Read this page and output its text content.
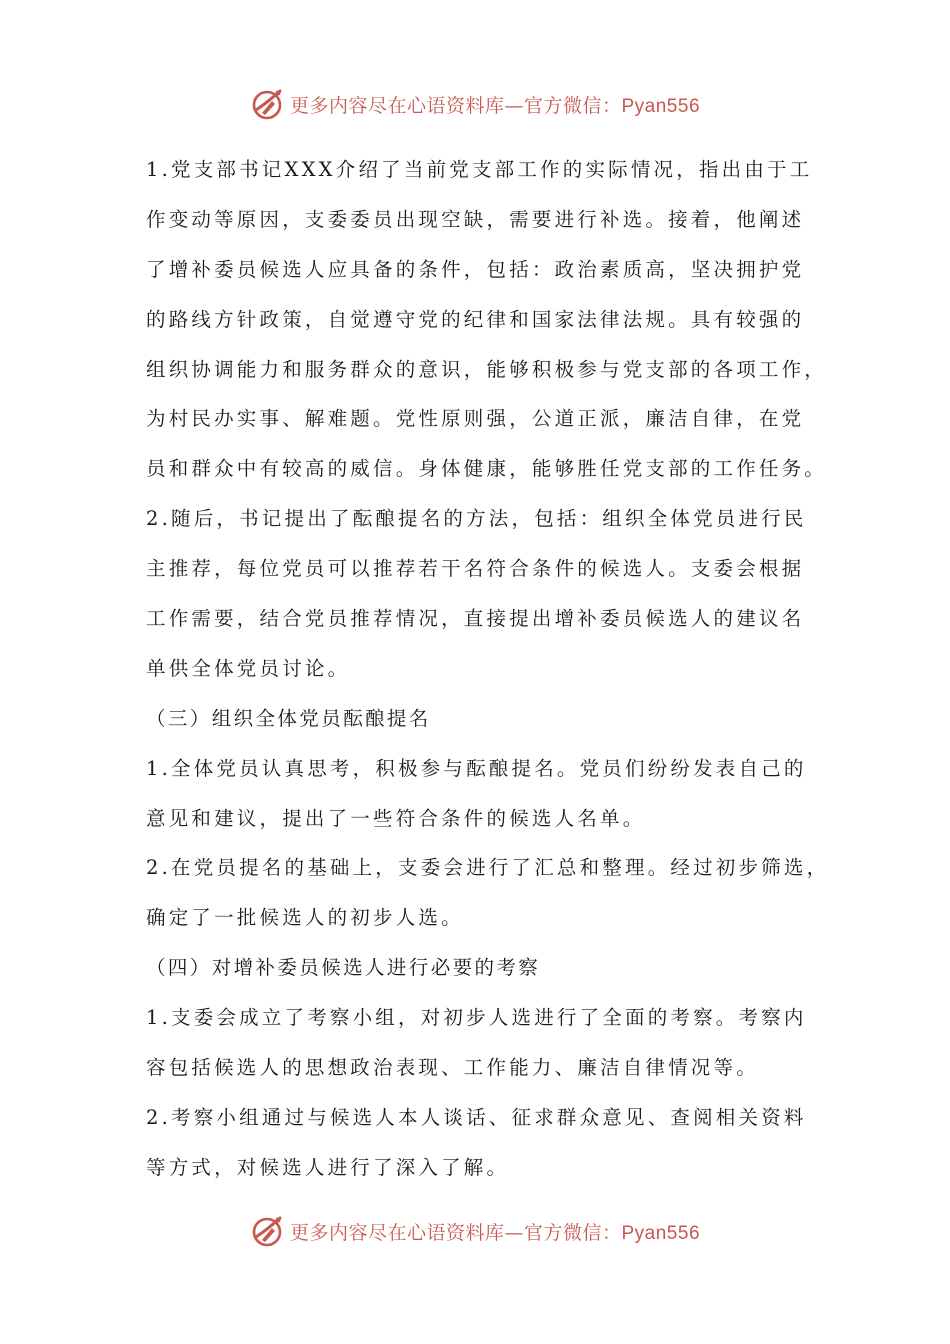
更多内容尽在心语资料库—官方微信：Pyan556
1.党支部书记XXX介绍了当前党支部工作的实际情况，指出由于工
作变动等原因，支委委员出现空缺，需要进行补选。接着，他阐述
了增补委员候选人应具备的条件，包括：政治素质高，坚决拥护党
的路线方针政策，自觉遵守党的纪律和国家法律法规。具有较强的
组织协调能力和服务群众的意识，能够积极参与党支部的各项工作，
为村民办实事、解难题。党性原则强，公道正派，廉洁自律，在党
员和群众中有较高的威信。身体健康，能够胜任党支部的工作任务。
2.随后，书记提出了酝酿提名的方法，包括：组织全体党员进行民
主推荐，每位党员可以推荐若干名符合条件的候选人。支委会根据
工作需要，结合党员推荐情况，直接提出增补委员候选人的建议名
单供全体党员讨论。
（三）组织全体党员酝酿提名
1.全体党员认真思考，积极参与酝酿提名。党员们纷纷发表自己的
意见和建议，提出了一些符合条件的候选人名单。
2.在党员提名的基础上，支委会进行了汇总和整理。经过初步筛选，
确定了一批候选人的初步人选。
（四）对增补委员候选人进行必要的考察
1.支委会成立了考察小组，对初步人选进行了全面的考察。考察内
容包括候选人的思想政治表现、工作能力、廉洁自律情况等。
2.考察小组通过与候选人本人谈话、征求群众意见、查阅相关资料
等方式，对候选人进行了深入了解。
更多内容尽在心语资料库—官方微信：Pyan556
